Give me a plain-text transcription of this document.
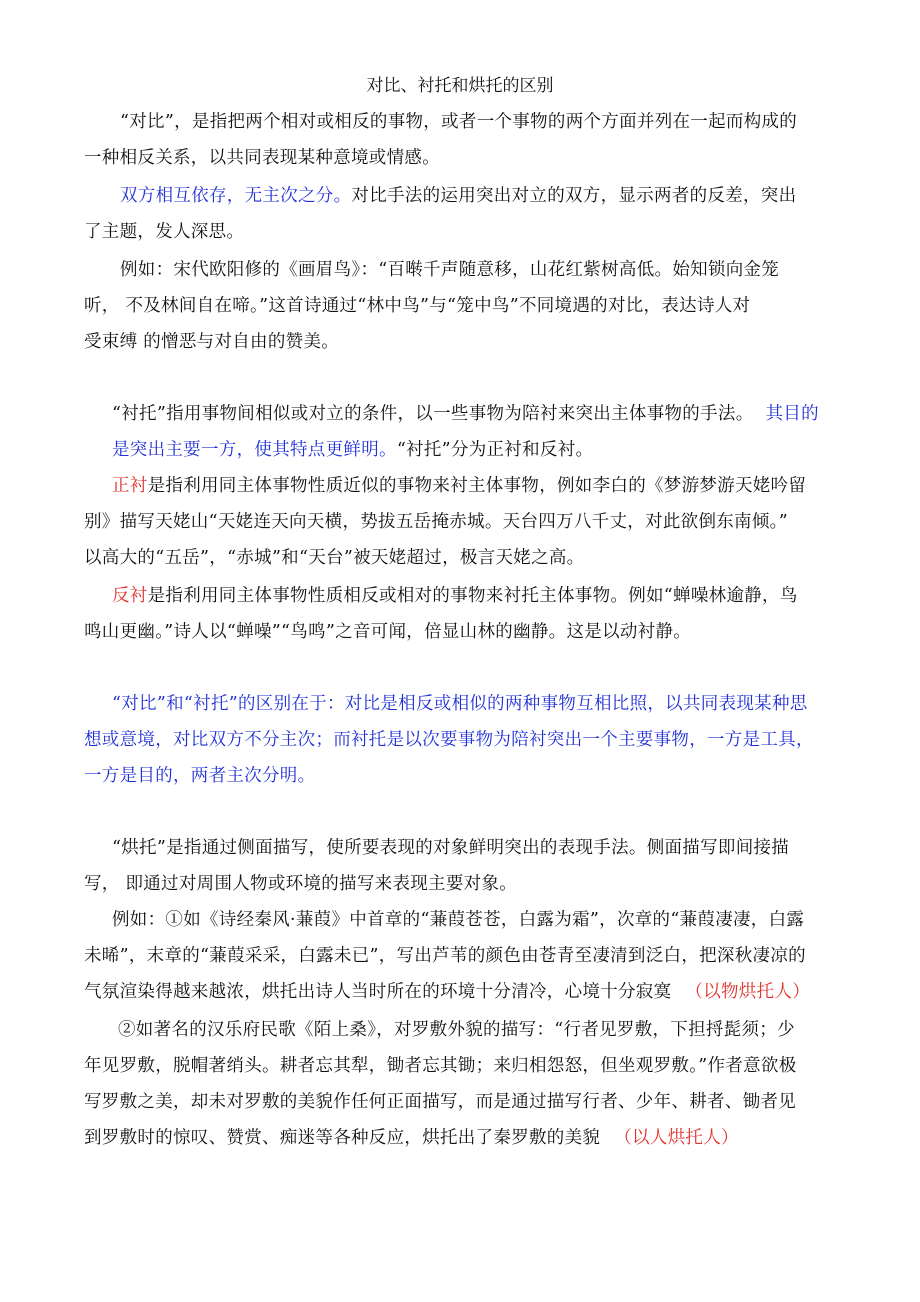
对比、衬托和烘托的区别
“对比”，是指把两个相对或相反的事物，或者一个事物的两个方面并列在一起而构成的
一种相反关系，以共同表现某种意境或情感。
双方相互依存，无主次之分。对比手法的运用突出对立的双方，显示两者的反差，突出
了主题，发人深思。
例如：宋代欧阳修的《画眉鸟》：“百啭千声随意移，山花红紫树高低。始知锁向金笼
听， 不及林间自在啼。”这首诗通过“林中鸟”与“笼中鸟”不同境遇的对比，表达诗人对
受束缚 的憎恶与对自由的赞美。
“衬托”指用事物间相似或对立的条件，以一些事物为陪衬来突出主体事物的手法。 其目的
是突出主要一方，使其特点更鲜明。“衬托”分为正衬和反衬。
正衬是指利用同主体事物性质近似的事物来衬主体事物，例如李白的《梦游梦游天姥吟留
别》描写天姥山“天姥连天向天横，势拔五岳掩赤城。天台四万八千丈，对此欲倒东南倾。”
以高大的“五岳”，“赤城”和“天台”被天姥超过，极言天姥之高。
反衬是指利用同主体事物性质相反或相对的事物来衬托主体事物。例如“蝉噪林逾静，鸟
鸣山更幽。”诗人以“蝉噪”“鸟鸣”之音可闻，倍显山林的幽静。这是以动衬静。
“对比”和“衬托”的区别在于：对比是相反或相似的两种事物互相比照，以共同表现某种思
想或意境，对比双方不分主次；而衬托是以次要事物为陪衬突出一个主要事物，一方是工具，
一方是目的，两者主次分明。
“烘托”是指通过侧面描写，使所要表现的对象鲜明突出的表现手法。侧面描写即间接描
写， 即通过对周围人物或环境的描写来表现主要对象。
例如：①如《诗经秦风·蒹葭》中首章的“蒹葭苍苍，白露为霜”，次章的“蒹葭凄凄，白露
未晞”，末章的“蒹葭采采，白露未已”，写出芦苇的颜色由苍青至凄清到泛白，把深秋凄凉的
气氛渲染得越来越浓，烘托出诗人当时所在的环境十分清冷，心境十分寂寞 （以物烘托人）
②如著名的汉乐府民歌《陌上桑》，对罗敷外貌的描写：“行者见罗敷，下担捋髭须；少
年见罗敷，脱帽著绡头。耕者忘其犁，锄者忘其锄；来归相怨怒，但坐观罗敷。”作者意欲极
写罗敷之美，却未对罗敷的美貌作任何正面描写，而是通过描写行者、少年、耕者、锄者见
到罗敷时的惊叹、赞赏、痴迷等各种反应，烘托出了秦罗敷的美貌 （以人烘托人）
